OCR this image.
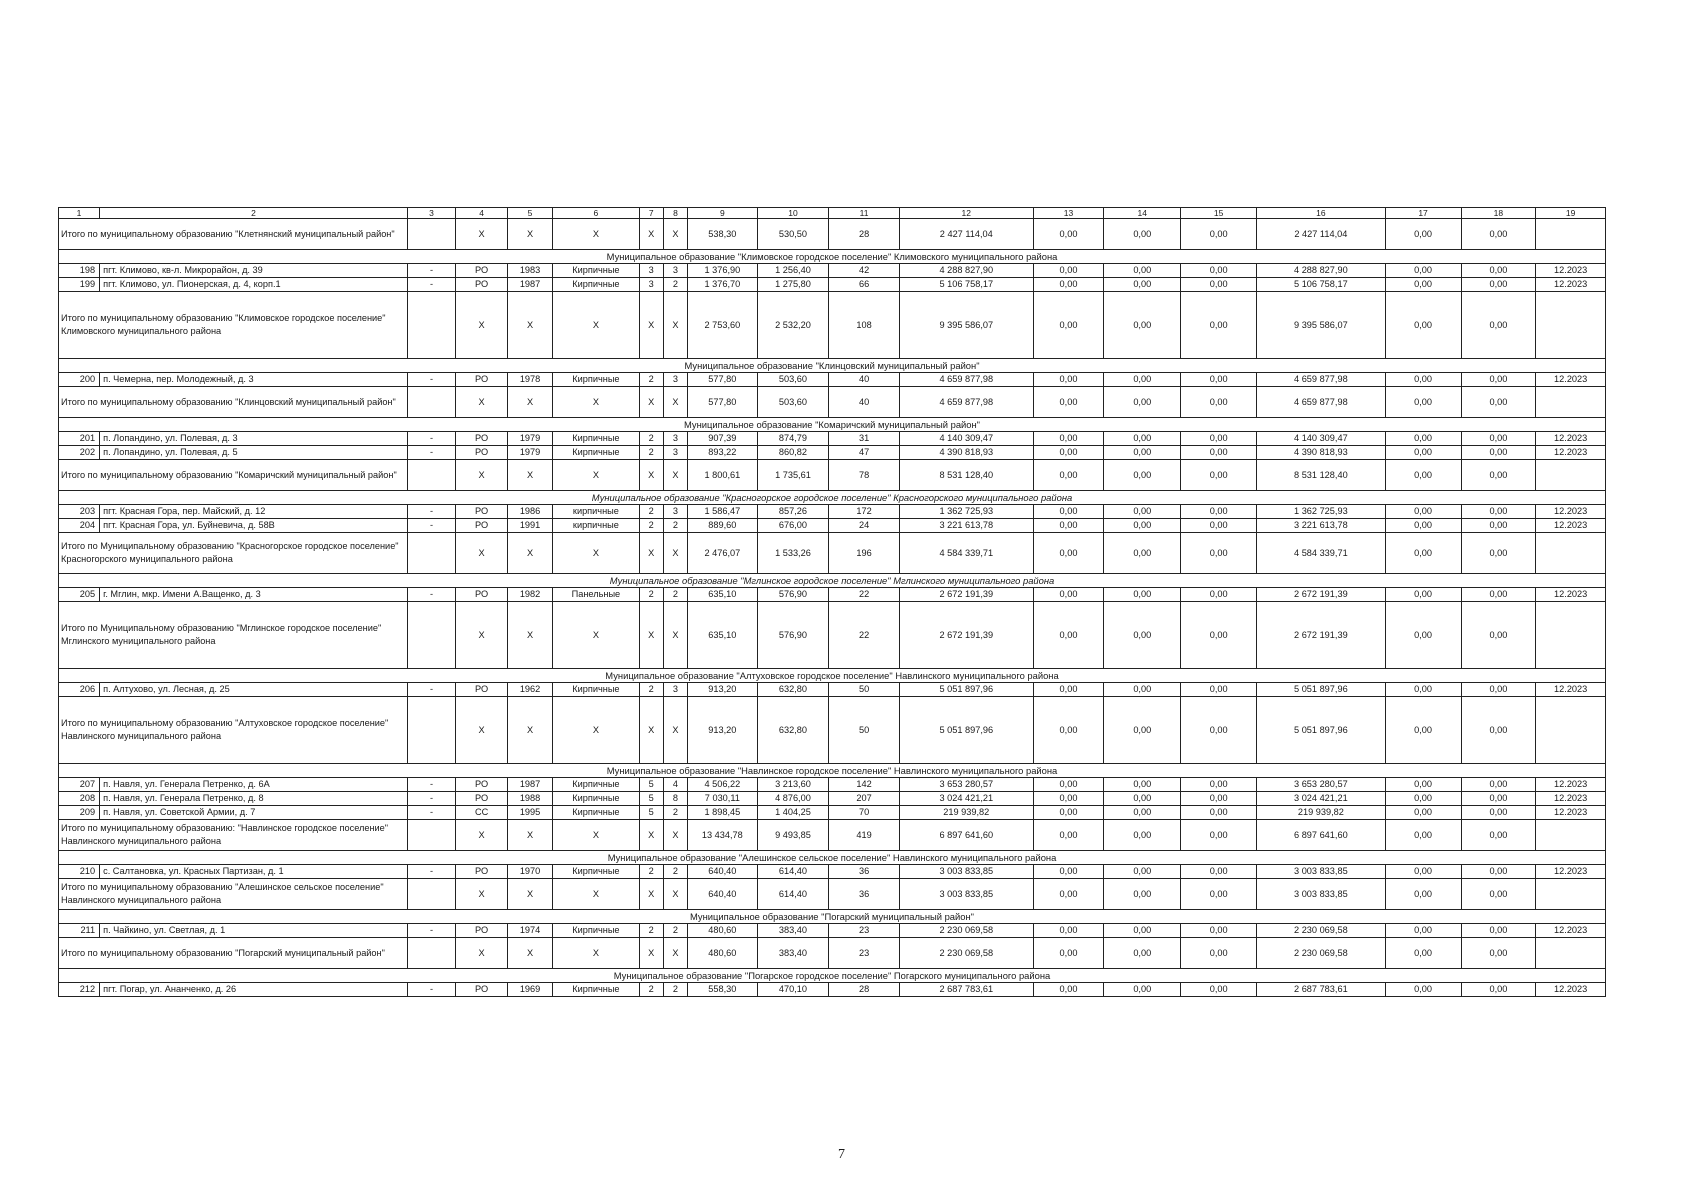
1	2	3	4	5	6	7	8	9	10	11	12	13	14	15	16	17	18	19
Итого по муниципальному образованию "Клетнянский муниципальный район"			X	X	X	X	X	538,30	530,50	28	2 427 114,04	0,00	0,00	0,00	2 427 114,04	0,00	0,00	
Муниципальное образование "Климовское городское поселение" Климовского муниципального района																		
198	пгт. Климово, кв-л. Микрорайон, д. 39	-	РО	1983	Кирпичные	3	3	1 376,90	1 256,40	42	4 288 827,90	0,00	0,00	0,00	4 288 827,90	0,00	0,00	12.2023
199	пгт. Климово, ул. Пионерская, д. 4, корп.1	-	РО	1987	Кирпичные	3	2	1 376,70	1 275,80	66	5 106 758,17	0,00	0,00	0,00	5 106 758,17	0,00	0,00	12.2023
Итого по муниципальному образованию "Климовское городское поселение" Климовского муниципального района			X	X	X	X	X	2 753,60	2 532,20	108	9 395 586,07	0,00	0,00	0,00	9 395 586,07	0,00	0,00	
Муниципальное образование "Клинцовский муниципальный район"																		
200	п. Чемерна, пер. Молодежный, д. 3	-	РО	1978	Кирпичные	2	3	577,80	503,60	40	4 659 877,98	0,00	0,00	0,00	4 659 877,98	0,00	0,00	12.2023
Итого по муниципальному образованию "Клинцовский муниципальный район"			X	X	X	X	X	577,80	503,60	40	4 659 877,98	0,00	0,00	0,00	4 659 877,98	0,00	0,00	
Муниципальное образование "Комаричский муниципальный район"																		
201	п. Лопандино, ул. Полевая, д. 3	-	РО	1979	Кирпичные	2	3	907,39	874,79	31	4 140 309,47	0,00	0,00	0,00	4 140 309,47	0,00	0,00	12.2023
202	п. Лопандино, ул. Полевая, д. 5	-	РО	1979	Кирпичные	2	3	893,22	860,82	47	4 390 818,93	0,00	0,00	0,00	4 390 818,93	0,00	0,00	12.2023
Итого по муниципальному образованию "Комаричский муниципальный район"			X	X	X	X	X	1 800,61	1 735,61	78	8 531 128,40	0,00	0,00	0,00	8 531 128,40	0,00	0,00	
Муниципальное образование "Красногорское городское поселение" Красногорского муниципального района																		
203	пгт. Красная Гора, пер. Майский, д. 12	-	РО	1986	кирпичные	2	3	1 586,47	857,26	172	1 362 725,93	0,00	0,00	0,00	1 362 725,93	0,00	0,00	12.2023
204	пгт. Красная Гора, ул. Буйневича, д. 58В	-	РО	1991	кирпичные	2	2	889,60	676,00	24	3 221 613,78	0,00	0,00	0,00	3 221 613,78	0,00	0,00	12.2023
Итого по Муниципальному образованию "Красногорское городское поселение" Красногорского муниципального района			X	X	X	X	X	2 476,07	1 533,26	196	4 584 339,71	0,00	0,00	0,00	4 584 339,71	0,00	0,00	
Муниципальное образование "Мглинское городское поселение" Мглинского муниципального района																		
205	г. Мглин, мкр. Имени А.Ващенко, д. 3	-	РО	1982	Панельные	2	2	635,10	576,90	22	2 672 191,39	0,00	0,00	0,00	2 672 191,39	0,00	0,00	12.2023
Итого по Муниципальному образованию "Мглинское городское поселение" Мглинского муниципального района			X	X	X	X	X	635,10	576,90	22	2 672 191,39	0,00	0,00	0,00	2 672 191,39	0,00	0,00	
Муниципальное образование "Алтуховское городское поселение" Навлинского муниципального района																		
206	п. Алтухово, ул. Лесная, д. 25	-	РО	1962	Кирпичные	2	3	913,20	632,80	50	5 051 897,96	0,00	0,00	0,00	5 051 897,96	0,00	0,00	12.2023
Итого по муниципальному образованию "Алтуховское городское поселение" Навлинского муниципального района			X	X	X	X	X	913,20	632,80	50	5 051 897,96	0,00	0,00	0,00	5 051 897,96	0,00	0,00	
Муниципальное образование "Навлинское городское поселение" Навлинского муниципального района																		
207	п. Навля, ул. Генерала Петренко, д. 6А	-	РО	1987	Кирпичные	5	4	4 506,22	3 213,60	142	3 653 280,57	0,00	0,00	0,00	3 653 280,57	0,00	0,00	12.2023
208	п. Навля, ул. Генерала Петренко, д. 8	-	РО	1988	Кирпичные	5	8	7 030,11	4 876,00	207	3 024 421,21	0,00	0,00	0,00	3 024 421,21	0,00	0,00	12.2023
209	п. Навля, ул. Советской Армии, д. 7	-	СС	1995	Кирпичные	5	2	1 898,45	1 404,25	70	219 939,82	0,00	0,00	0,00	219 939,82	0,00	0,00	12.2023
Итого по муниципальному образованию: "Навлинское городское поселение" Навлинского муниципального района			X	X	X	X	X	13 434,78	9 493,85	419	6 897 641,60	0,00	0,00	0,00	6 897 641,60	0,00	0,00	
Муниципальное образование "Алешинское сельское поселение" Навлинского муниципального района																		
210	с. Салтановка, ул. Красных Партизан, д. 1	-	РО	1970	Кирпичные	2	2	640,40	614,40	36	3 003 833,85	0,00	0,00	0,00	3 003 833,85	0,00	0,00	12.2023
Итого по муниципальному образованию "Алешинское сельское поселение" Навлинского муниципального района			X	X	X	X	X	640,40	614,40	36	3 003 833,85	0,00	0,00	0,00	3 003 833,85	0,00	0,00	
Муниципальное образование "Погарский муниципальный район"																		
211	п. Чайкино, ул. Светлая, д. 1	-	РО	1974	Кирпичные	2	2	480,60	383,40	23	2 230 069,58	0,00	0,00	0,00	2 230 069,58	0,00	0,00	12.2023
Итого по муниципальному образованию "Погарский муниципальный район"			X	X	X	X	X	480,60	383,40	23	2 230 069,58	0,00	0,00	0,00	2 230 069,58	0,00	0,00	
Муниципальное образование "Погарское городское поселение" Погарского муниципального района																		
212	пгт. Погар, ул. Ананченко, д. 26	-	РО	1969	Кирпичные	2	2	558,30	470,10	28	2 687 783,61	0,00	0,00	0,00	2 687 783,61	0,00	0,00	12.2023
7
